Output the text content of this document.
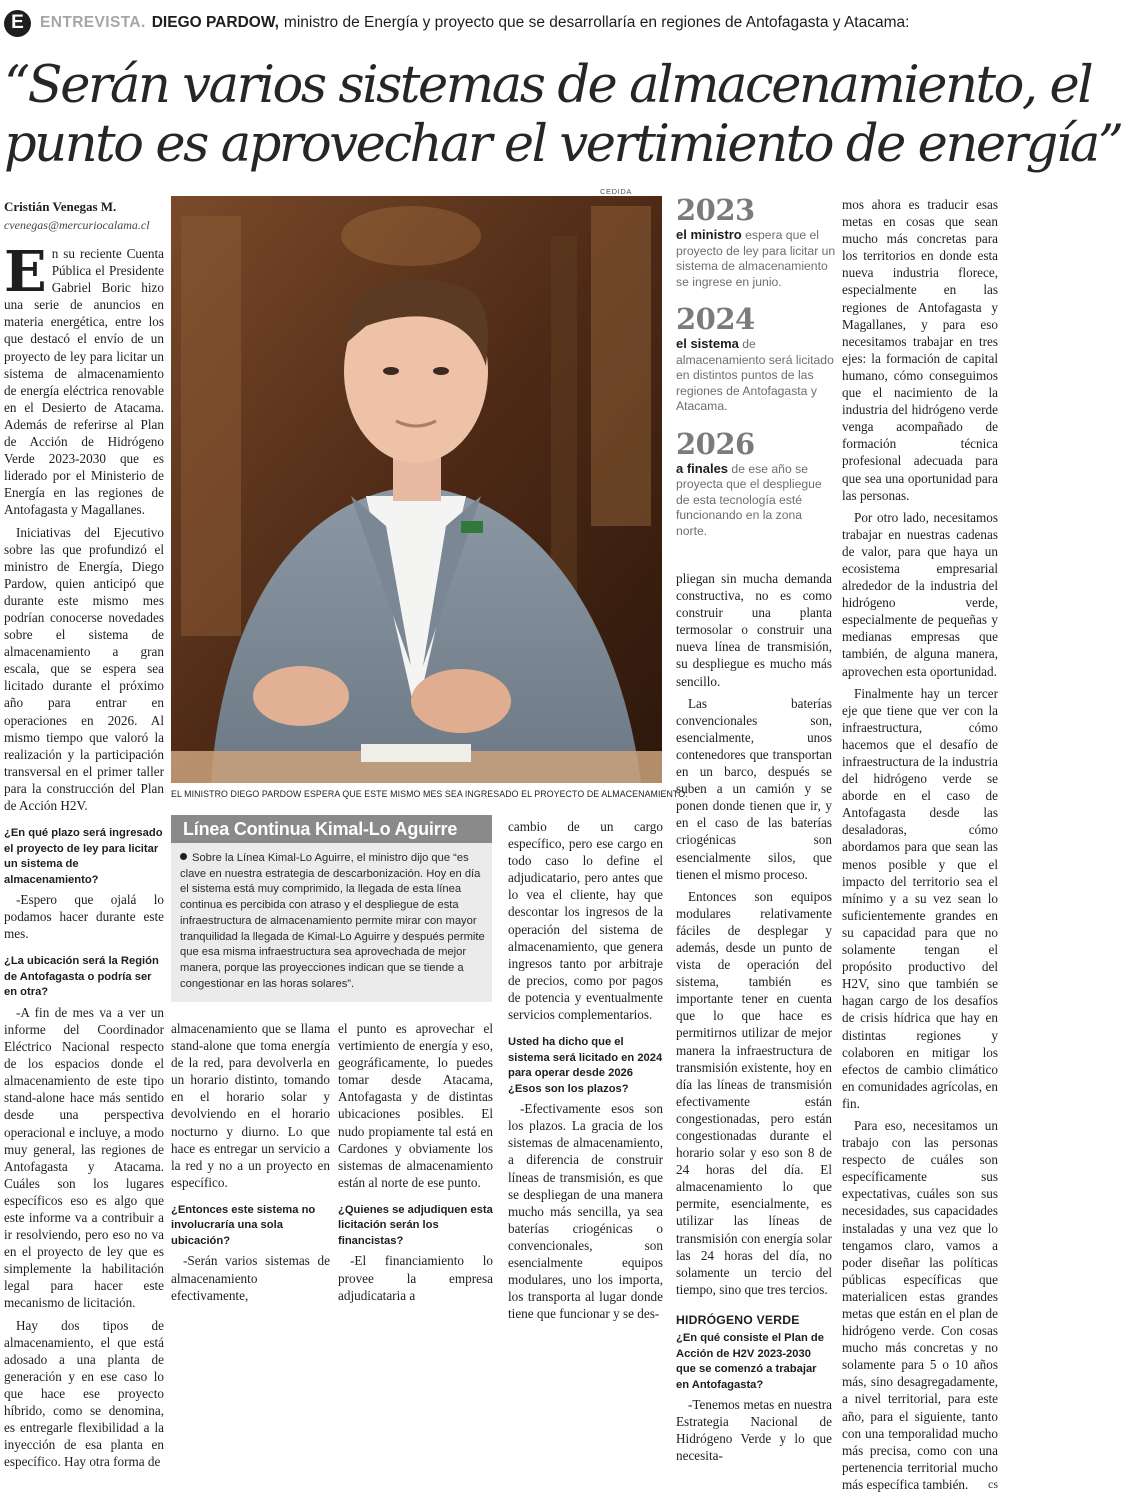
E	ENTREVISTA. DIEGO PARDOW, ministro de Energía y proyecto que se desarrollaría en regiones de Antofagasta y Atacama:
“Serán varios sistemas de almacenamiento, el
punto es aprovechar el vertimiento de energía”
Cristián Venegas M.
cvenegas@mercuriocalama.cl

En su reciente Cuenta Pública el Presidente Gabriel Boric hizo una serie de anuncios en materia energética, entre los que destacó el envío de un proyecto de ley para licitar un sistema de almacenamiento de energía eléctrica renovable en el Desierto de Atacama. Además de referirse al Plan de Acción de Hidrógeno Verde 2023-2030 que es liderado por el Ministerio de Energía en las regiones de Antofagasta y Magallanes.

Iniciativas del Ejecutivo sobre las que profundizó el ministro de Energía, Diego Pardow, quien anticipó que durante este mismo mes podrían conocerse novedades sobre el sistema de almacenamiento a gran escala, que se espera sea licitado durante el próximo año para entrar en operaciones en 2026. Al mismo tiempo que valoró la realización y la participación transversal en el primer taller para la construcción del Plan de Acción H2V.

¿En qué plazo será ingresado el proyecto de ley para licitar un sistema de almacenamiento?

-Espero que ojalá lo podamos hacer durante este mes.

¿La ubicación será la Región de Antofagasta o podría ser en otra?

-A fin de mes va a ver un informe del Coordinador Eléctrico Nacional respecto de los espacios donde el almacenamiento de este tipo stand-alone hace más sentido desde una perspectiva operacional e incluye, a modo muy general, las regiones de Antofagasta y Atacama. Cuáles son los lugares específicos eso es algo que este informe va a contribuir a ir resolviendo, pero eso no va en el proyecto de ley que es simplemente la habilitación legal para hacer este mecanismo de licitación.

Hay dos tipos de almacenamiento, el que está adosado a una planta de generación y en ese caso lo que hace ese proyecto híbrido, como se denomina, es entregarle flexibilidad a la inyección de esa planta en específico. Hay otra forma de

CEDIDA
EL MINISTRO DIEGO PARDOW ESPERA QUE ESTE MISMO MES SEA INGRESADO EL PROYECTO DE ALMACENAMIENTO.
2023
el ministro espera que el proyecto de ley para licitar un sistema de almacenamiento se ingrese en junio.
2024
el sistema de almacenamiento será licitado en distintos puntos de las regiones de Antofagasta y Atacama.
2026
a finales de ese año se proyecta que el despliegue de esta tecnología esté funcionando en la zona norte.
Línea Continua Kimal-Lo Aguirre
Sobre la Línea Kimal-Lo Aguirre, el ministro dijo que “es clave en nuestra estrategia de descarbonización. Hoy en día el sistema está muy comprimido, la llegada de esta línea continua es percibida con atraso y el despliegue de esta infraestructura de almacenamiento permite mirar con mayor tranquilidad la llegada de Kimal-Lo Aguirre y después permite que esa misma infraestructura sea aprovechada de mejor manera, porque las proyecciones indican que se tiende a congestionar en las horas solares”.

almacenamiento que se llama stand-alone que toma energía de la red, para devolverla en un horario distinto, tomando en el horario solar y devolviendo en el horario nocturno y diurno. Lo que hace es entregar un servicio a la red y no a un proyecto en específico.

¿Entonces este sistema no involucraría una sola ubicación?

-Serán varios sistemas de almacenamiento efectivamente,

el punto es aprovechar el vertimiento de energía y eso, geográficamente, lo puedes tomar desde Atacama, Antofagasta y de distintas ubicaciones posibles. El nudo propiamente tal está en Cardones y obviamente los sistemas de almacenamiento están al norte de ese punto.

¿Quienes se adjudiquen esta licitación serán los financistas?

-El financiamiento lo provee la empresa adjudicataria a

cambio de un cargo específico, pero ese cargo en todo caso lo define el adjudicatario, pero antes que lo vea el cliente, hay que descontar los ingresos de la operación del sistema de almacenamiento, que genera ingresos tanto por arbitraje de precios, como por pagos de potencia y eventualmente servicios complementarios.

Usted ha dicho que el sistema será licitado en 2024 para operar desde 2026 ¿Esos son los plazos?

-Efectivamente esos son los plazos. La gracia de los sistemas de almacenamiento, a diferencia de construir líneas de transmisión, es que se despliegan de una manera mucho más sencilla, ya sea baterías criogénicas o convencionales, son esencialmente equipos modulares, uno los importa, los transporta al lugar donde tiene que funcionar y se des-

pliegan sin mucha demanda constructiva, no es como construir una planta termosolar o construir una nueva línea de transmisión, su despliegue es mucho más sencillo.

Las baterías convencionales son, esencialmente, unos contenedores que transportan en un barco, después se suben a un camión y se ponen donde tienen que ir, y en el caso de las baterías criogénicas son esencialmente silos, que tienen el mismo proceso.

Entonces son equipos modulares relativamente fáciles de desplegar y además, desde un punto de vista de operación del sistema, también es importante tener en cuenta que lo que hace es permitirnos utilizar de mejor manera la infraestructura de transmisión existente, hoy en día las líneas de transmisión efectivamente están congestionadas, pero están congestionadas durante el horario solar y eso son 8 de 24 horas del día. El almacenamiento lo que permite, esencialmente, es utilizar las líneas de transmisión con energía solar las 24 horas del día, no solamente un tercio del tiempo, sino que tres tercios.

HIDRÓGENO VERDE

¿En qué consiste el Plan de Acción de H2V 2023-2030 que se comenzó a trabajar en Antofagasta?

-Tenemos metas en nuestra Estrategia Nacional de Hidrógeno Verde y lo que necesita-

mos ahora es traducir esas metas en cosas que sean mucho más concretas para los territorios en donde esta nueva industria florece, especialmente en las regiones de Antofagasta y Magallanes, y para eso necesitamos trabajar en tres ejes: la formación de capital humano, cómo conseguimos que el nacimiento de la industria del hidrógeno verde venga acompañado de formación técnica profesional adecuada para que sea una oportunidad para las personas.

Por otro lado, necesitamos trabajar en nuestras cadenas de valor, para que haya un ecosistema empresarial alrededor de la industria del hidrógeno verde, especialmente de pequeñas y medianas empresas que también, de alguna manera, aprovechen esta oportunidad.

Finalmente hay un tercer eje que tiene que ver con la infraestructura, cómo hacemos que el desafío de infraestructura de la industria del hidrógeno verde se aborde en el caso de Antofagasta desde las desaladoras, cómo abordamos para que sean las menos posible y que el impacto del territorio sea el mínimo y a su vez sean lo suficientemente grandes en su capacidad para que no solamente tengan el propósito productivo del H2V, sino que también se hagan cargo de los desafíos de crisis hídrica que hay en distintas regiones y colaboren en mitigar los efectos de cambio climático en comunidades agrícolas, en fin.

Para eso, necesitamos un trabajo con las personas respecto de cuáles son específicamente sus expectativas, cuáles son sus necesidades, sus capacidades instaladas y una vez que lo tengamos claro, vamos a poder diseñar las políticas públicas específicas que materialicen estas grandes metas que están en el plan de hidrógeno verde. Con cosas mucho más concretas y no solamente para 5 o 10 años más, sino desagregadamente, a nivel territorial, para este año, para el siguiente, tanto con una temporalidad mucho más precisa, como con una pertenencia territorial mucho más específica también.	cs
